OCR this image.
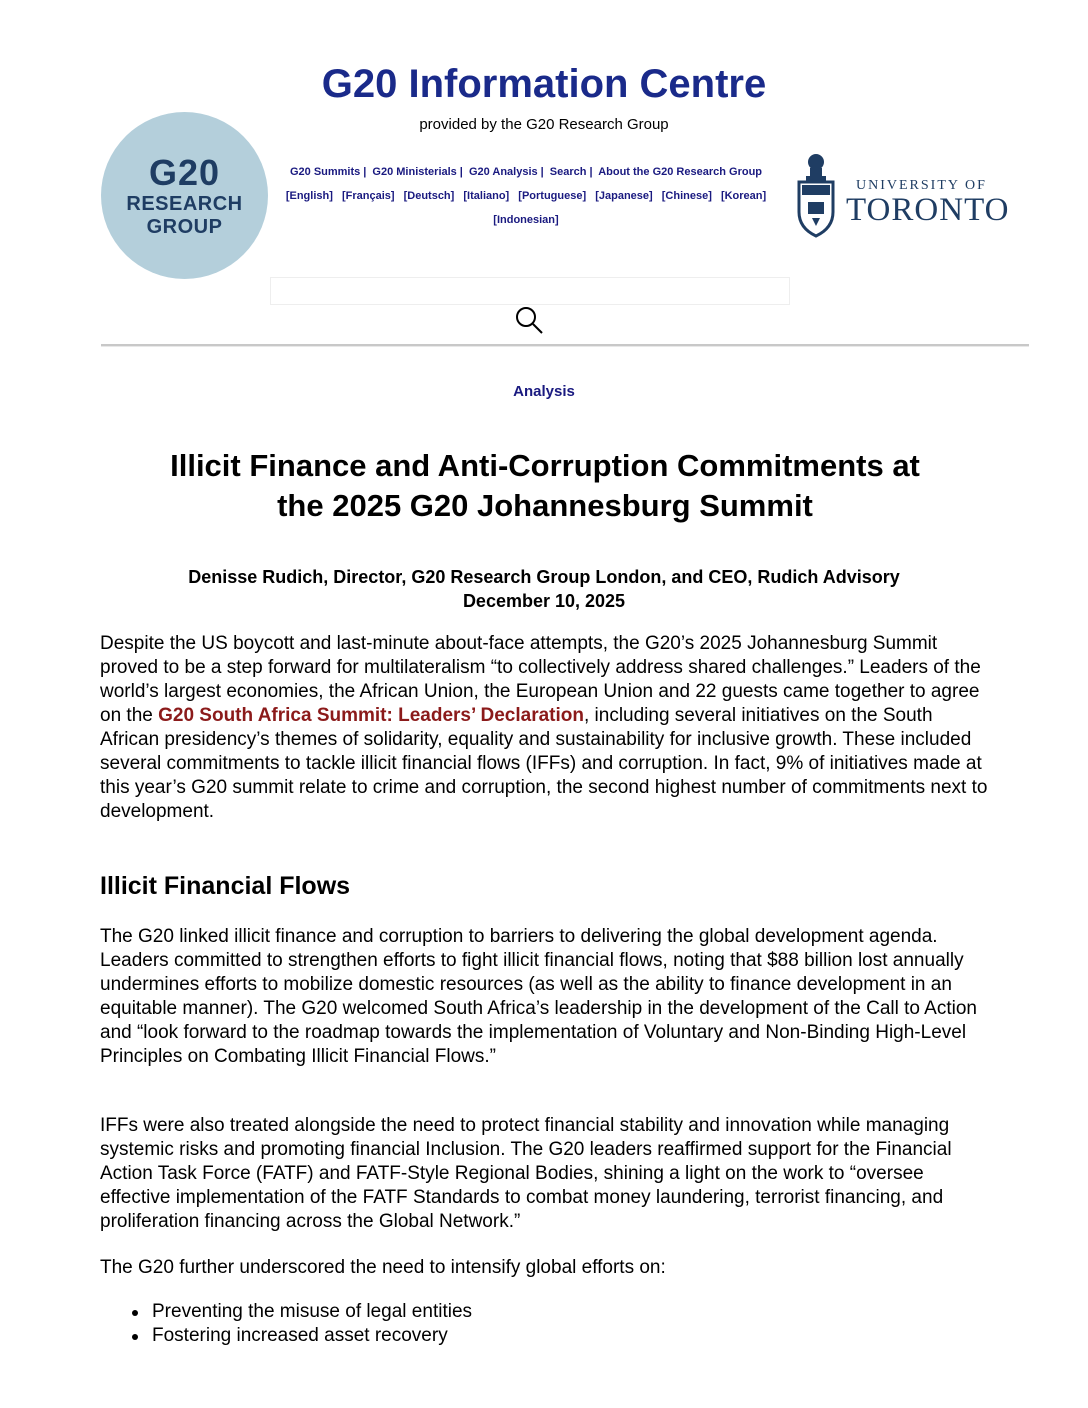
G20 Information Centre
provided by the G20 Research Group
G20
RESEARCH
GROUP
G20 Summits | G20 Ministerials | G20 Analysis | Search | About the G20 Research Group
[English] [Français] [Deutsch] [Italiano] [Portuguese] [Japanese] [Chinese] [Korean] [Indonesian]
UNIVERSITY OF
TORONTO
Analysis
Illicit Finance and Anti-Corruption Commitments at
the 2025 G20 Johannesburg Summit
Denisse Rudich, Director, G20 Research Group London, and CEO, Rudich Advisory
December 10, 2025

Despite the US boycott and last-minute about-face attempts, the G20’s 2025 Johannesburg Summit proved to be a step forward for multilateralism “to collectively address shared challenges.” Leaders of the world’s largest economies, the African Union, the European Union and 22 guests came together to agree on the G20 South Africa Summit: Leaders’ Declaration, including several initiatives on the South African presidency’s themes of solidarity, equality and sustainability for inclusive growth. These included several commitments to tackle illicit financial flows (IFFs) and corruption. In fact, 9% of initiatives made at this year’s G20 summit relate to crime and corruption, the second highest number of commitments next to development.

Illicit Financial Flows

The G20 linked illicit finance and corruption to barriers to delivering the global development agenda. Leaders committed to strengthen efforts to fight illicit financial flows, noting that $88 billion lost annually undermines efforts to mobilize domestic resources (as well as the ability to finance development in an equitable manner). The G20 welcomed South Africa’s leadership in the development of the Call to Action and “look forward to the roadmap towards the implementation of Voluntary and Non-Binding High-Level Principles on Combating Illicit Financial Flows.”

IFFs were also treated alongside the need to protect financial stability and innovation while managing systemic risks and promoting financial Inclusion. The G20 leaders reaffirmed support for the Financial Action Task Force (FATF) and FATF-Style Regional Bodies, shining a light on the work to “oversee effective implementation of the FATF Standards to combat money laundering, terrorist financing, and proliferation financing across the Global Network.”

The G20 further underscored the need to intensify global efforts on:

Preventing the misuse of legal entities
Fostering increased asset recovery
